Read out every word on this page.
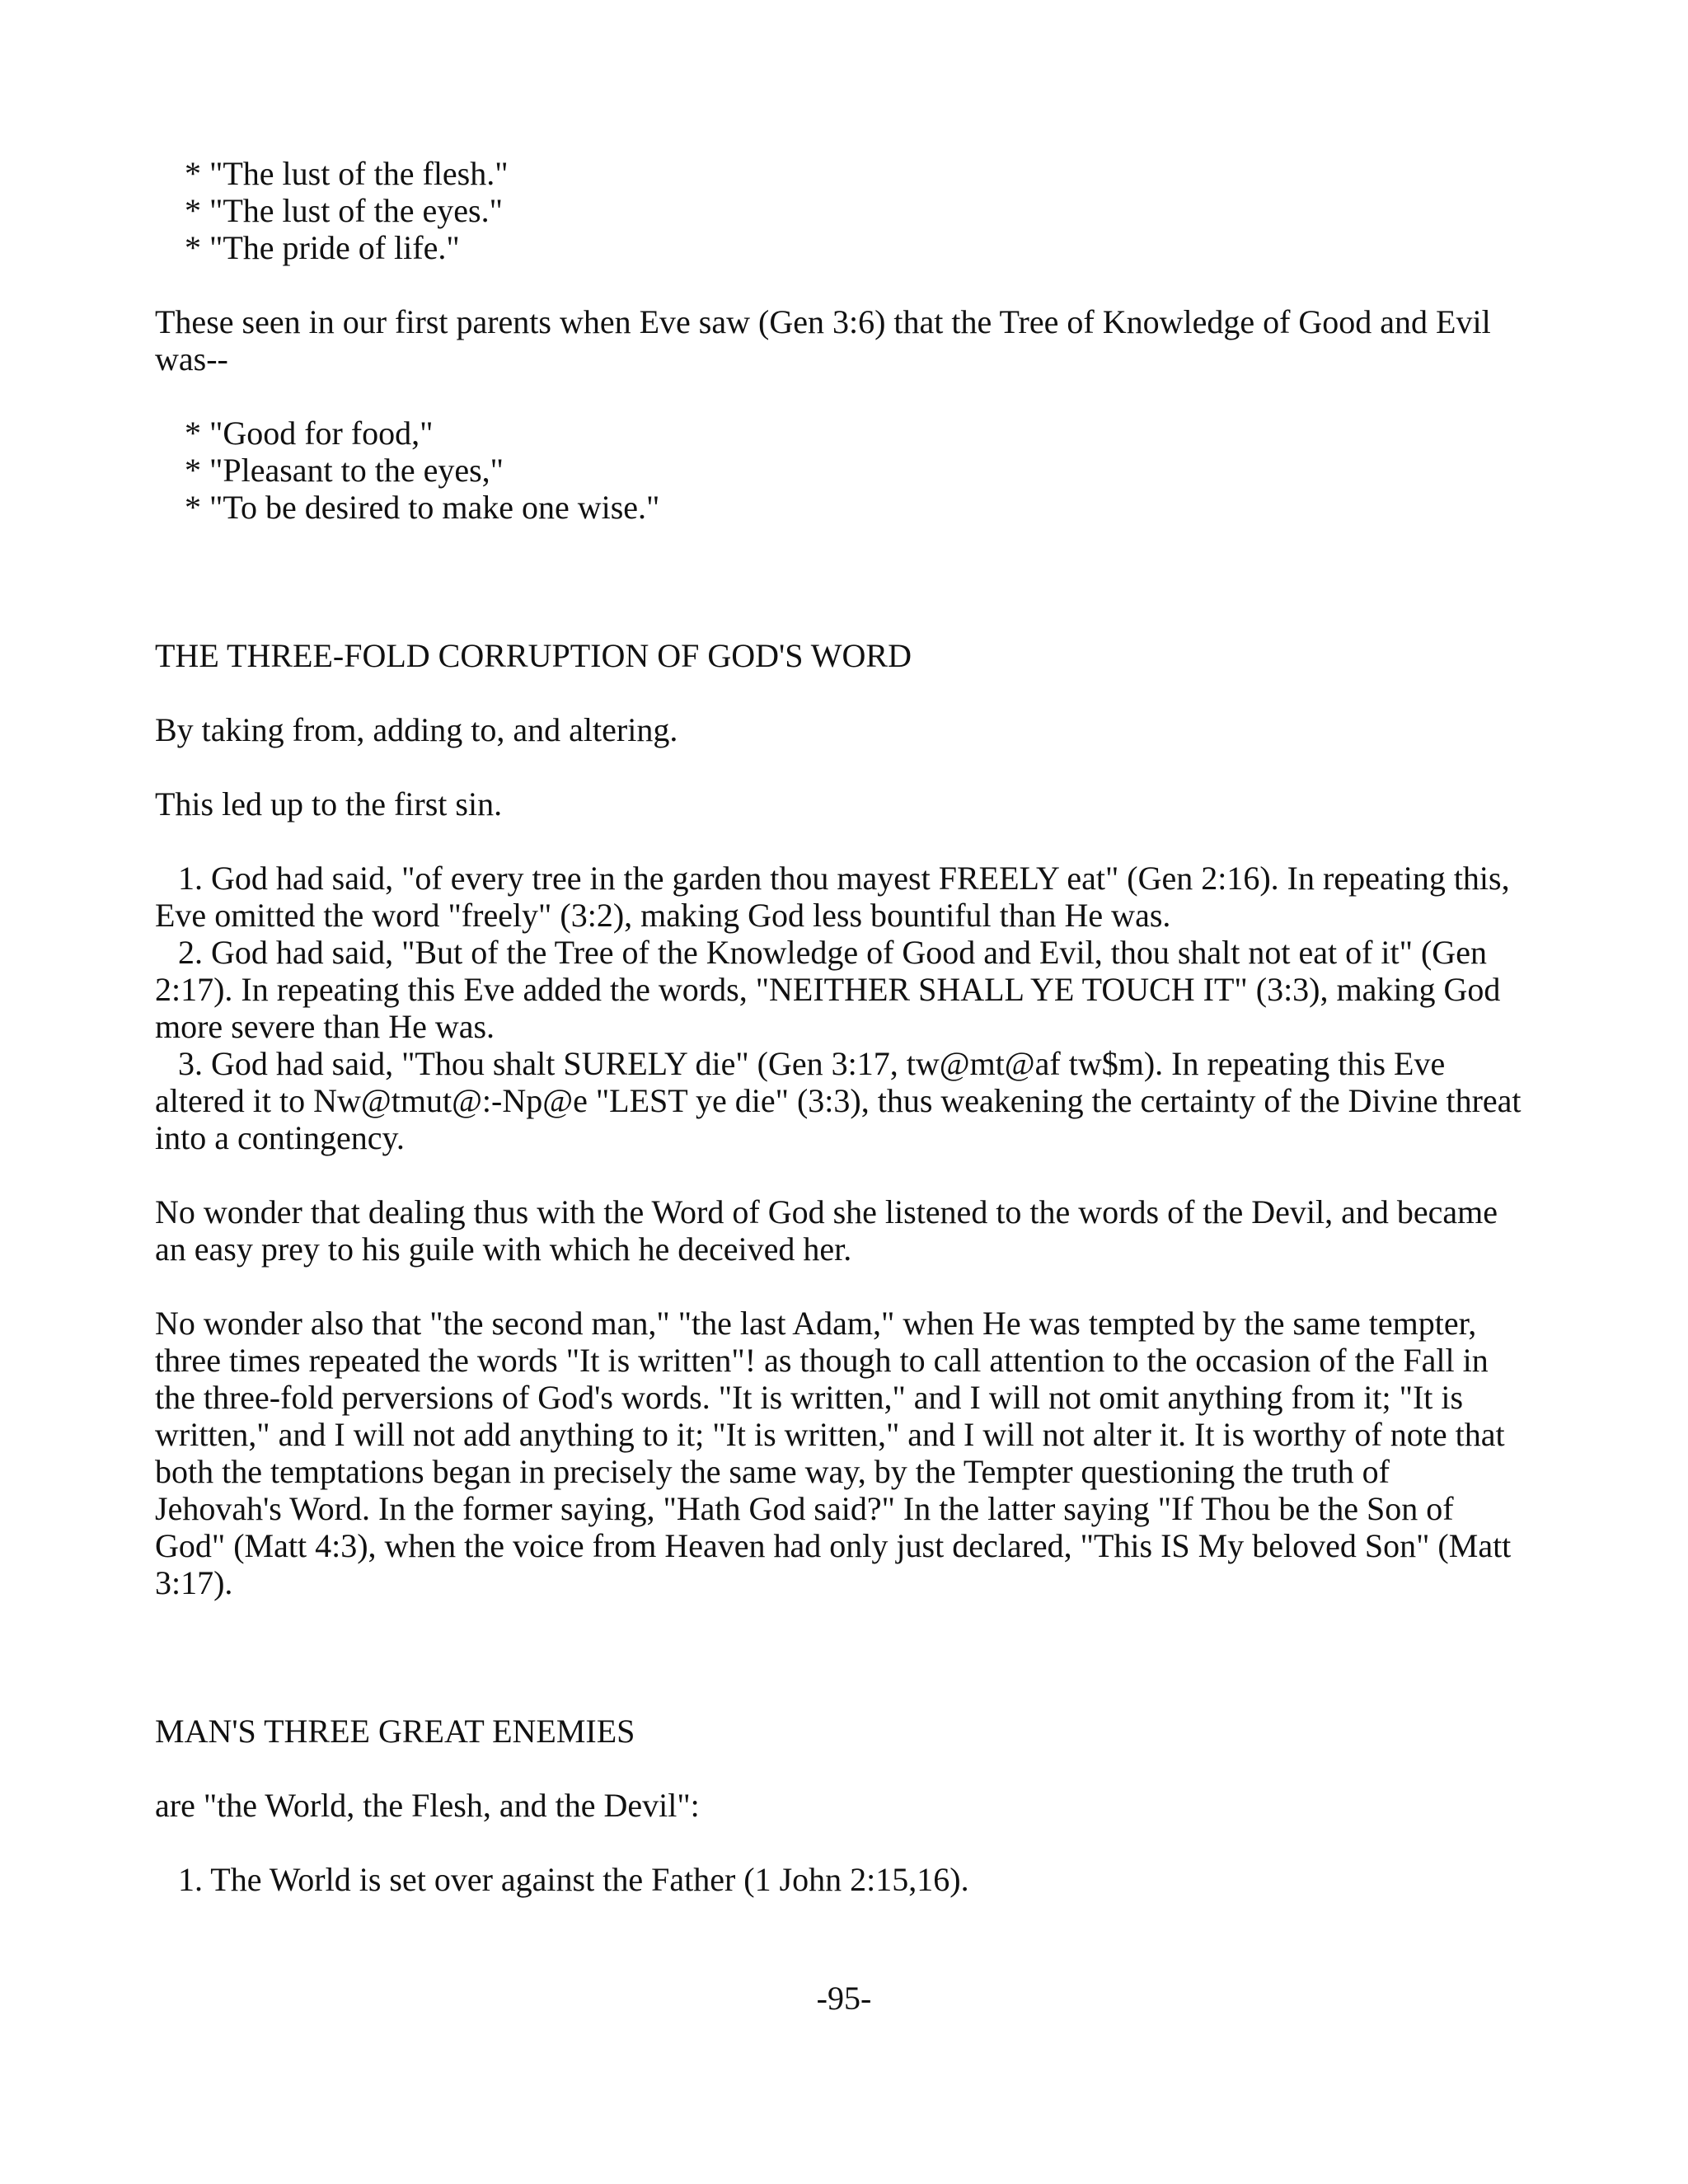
* "The lust of the flesh."
* "The lust of the eyes."
* "The pride of life."

These seen in our first parents when Eve saw (Gen 3:6) that the Tree of Knowledge of Good and Evil was--

* "Good for food,"
* "Pleasant to the eyes,"
* "To be desired to make one wise."

THE THREE-FOLD CORRUPTION OF GOD'S WORD

By taking from, adding to, and altering.

This led up to the first sin.

1. God had said, "of every tree in the garden thou mayest FREELY eat" (Gen 2:16). In repeating this, Eve omitted the word "freely" (3:2), making God less bountiful than He was.
2. God had said, "But of the Tree of the Knowledge of Good and Evil, thou shalt not eat of it" (Gen 2:17). In repeating this Eve added the words, "NEITHER SHALL YE TOUCH IT" (3:3), making God more severe than He was.
3. God had said, "Thou shalt SURELY die" (Gen 3:17, tw@mt@af tw$m). In repeating this Eve altered it to Nw@tmut@:-Np@e "LEST ye die" (3:3), thus weakening the certainty of the Divine threat into a contingency.

No wonder that dealing thus with the Word of God she listened to the words of the Devil, and became an easy prey to his guile with which he deceived her.

No wonder also that "the second man," "the last Adam," when He was tempted by the same tempter, three times repeated the words "It is written"! as though to call attention to the occasion of the Fall in the three-fold perversions of God's words. "It is written," and I will not omit anything from it; "It is written," and I will not add anything to it; "It is written," and I will not alter it. It is worthy of note that both the temptations began in precisely the same way, by the Tempter questioning the truth of Jehovah's Word. In the former saying, "Hath God said?" In the latter saying "If Thou be the Son of God" (Matt 4:3), when the voice from Heaven had only just declared, "This IS My beloved Son" (Matt 3:17).

MAN'S THREE GREAT ENEMIES

are "the World, the Flesh, and the Devil":

1. The World is set over against the Father (1 John 2:15,16).
-95-
